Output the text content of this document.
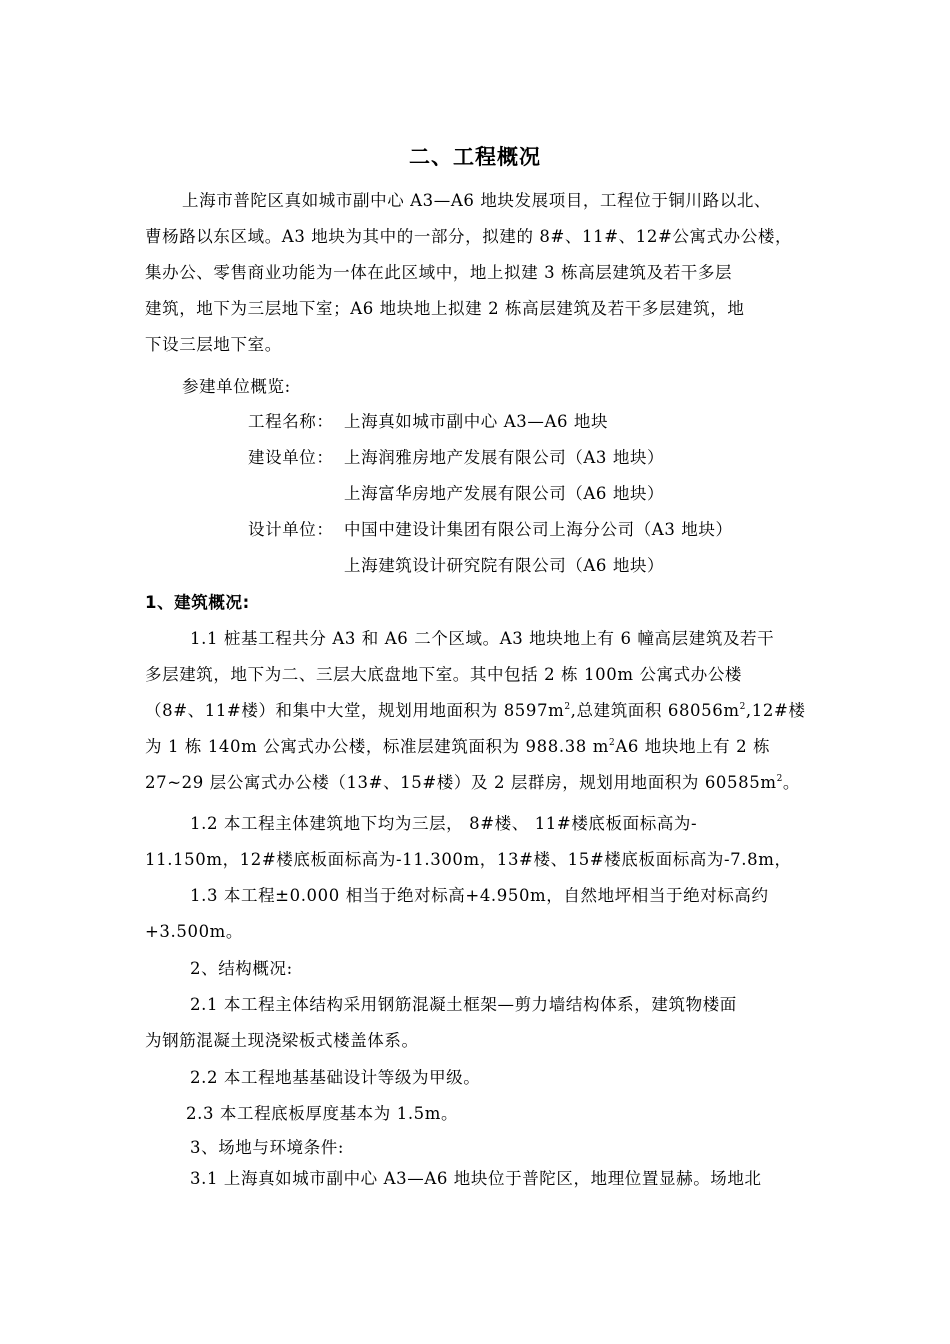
二、工程概况
上海市普陀区真如城市副中心 A3—A6 地块发展项目，工程位于铜川路以北、
曹杨路以东区域。A3 地块为其中的一部分，拟建的 8#、11#、12#公寓式办公楼，
集办公、零售商业功能为一体在此区域中，地上拟建 3 栋高层建筑及若干多层
建筑，地下为三层地下室；A6 地块地上拟建 2 栋高层建筑及若干多层建筑，地
下设三层地下室。
参建单位概览:
工程名称： 上海真如城市副中心 A3—A6 地块
建设单位： 上海润雅房地产发展有限公司（A3 地块）
上海富华房地产发展有限公司（A6 地块）
设计单位： 中国中建设计集团有限公司上海分公司（A3 地块）
上海建筑设计研究院有限公司（A6 地块）
1、建筑概况:
1.1 桩基工程共分 A3 和 A6 二个区域。A3 地块地上有 6 幢高层建筑及若干
多层建筑，地下为二、三层大底盘地下室。其中包括 2 栋 100m 公寓式办公楼
（8#、11#楼）和集中大堂，规划用地面积为 $8597m^2$,总建筑面积 $68056m^2,12\#$楼
为 1 栋 140m 公寓式办公楼，标准层建筑面积为 988.38 $m^2A6$ 地块地上有 2 栋
27~29 层公寓式办公楼（13#、15#楼）及 2 层群房，规划用地面积为 $60585m^2$。
1.2 本工程主体建筑地下均为三层， 8#楼、 11#楼底板面标高为-
11.150m，12#楼底板面标高为-11.300m，13#楼、15#楼底板面标高为-7.8m，
1.3 本工程±0.000 相当于绝对标高+4.950m，自然地坪相当于绝对标高约
+3.500m。
2、结构概况:
2.1 本工程主体结构采用钢筋混凝土框架—剪力墙结构体系，建筑物楼面
为钢筋混凝土现浇梁板式楼盖体系。
2.2 本工程地基基础设计等级为甲级。
2.3 本工程底板厚度基本为 1.5m。
3、场地与环境条件:
3.1 上海真如城市副中心 A3—A6 地块位于普陀区，地理位置显赫。场地北
